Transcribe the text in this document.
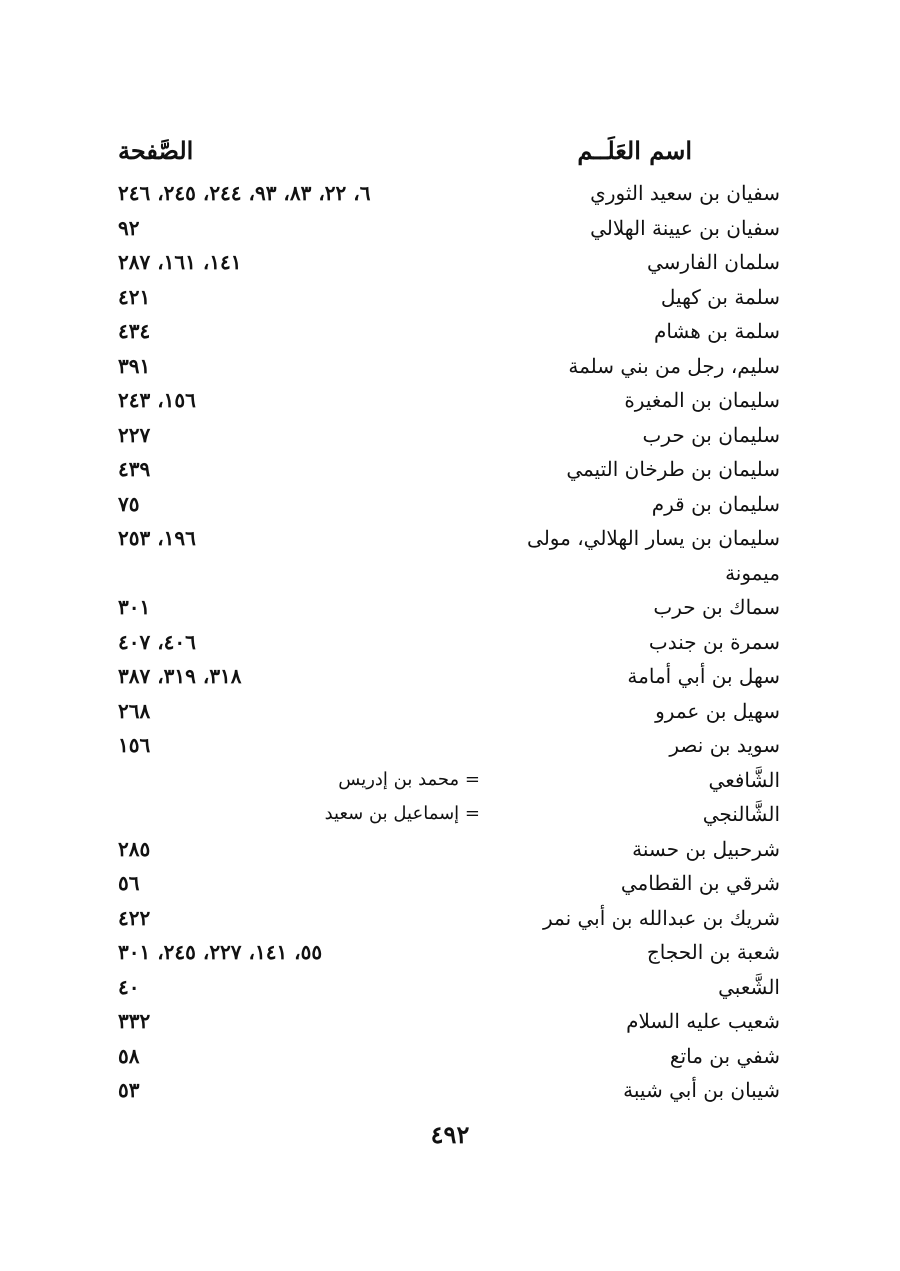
اسم العَلَــم
الصَّفحة
سفيان بن سعيد الثوري
٦، ٢٢، ٨٣، ٩٣، ٢٤٤، ٢٤٥، ٢٤٦
سفيان بن عيينة الهلالي
٩٢
سلمان الفارسي
١٤١، ١٦١، ٢٨٧
سلمة بن كهيل
٤٢١
سلمة بن هشام
٤٣٤
سليم، رجل من بني سلمة
٣٩١
سليمان بن المغيرة
١٥٦، ٢٤٣
سليمان بن حرب
٢٢٧
سليمان بن طرخان التيمي
٤٣٩
سليمان بن قرم
٧٥
سليمان بن يسار الهلالي، مولى
١٩٦، ٢٥٣
ميمونة
سماك بن حرب
٣٠١
سمرة بن جندب
٤٠٦، ٤٠٧
سهل بن أبي أمامة
٣١٨، ٣١٩، ٣٨٧
سهيل بن عمرو
٢٦٨
سويد بن نصر
١٥٦
الشَّافعي
= محمد بن إدريس
الشَّالنجي
= إسماعيل بن سعيد
شرحبيل بن حسنة
٢٨٥
شرقي بن القطامي
٥٦
شريك بن عبدالله بن أبي نمر
٤٢٢
شعبة بن الحجاج
٥٥، ١٤١، ٢٢٧، ٢٤٥، ٣٠١
الشَّعبي
٤٠
شعيب عليه السلام
٣٣٢
شفي بن ماتع
٥٨
شيبان بن أبي شيبة
٥٣
٤٩٢
